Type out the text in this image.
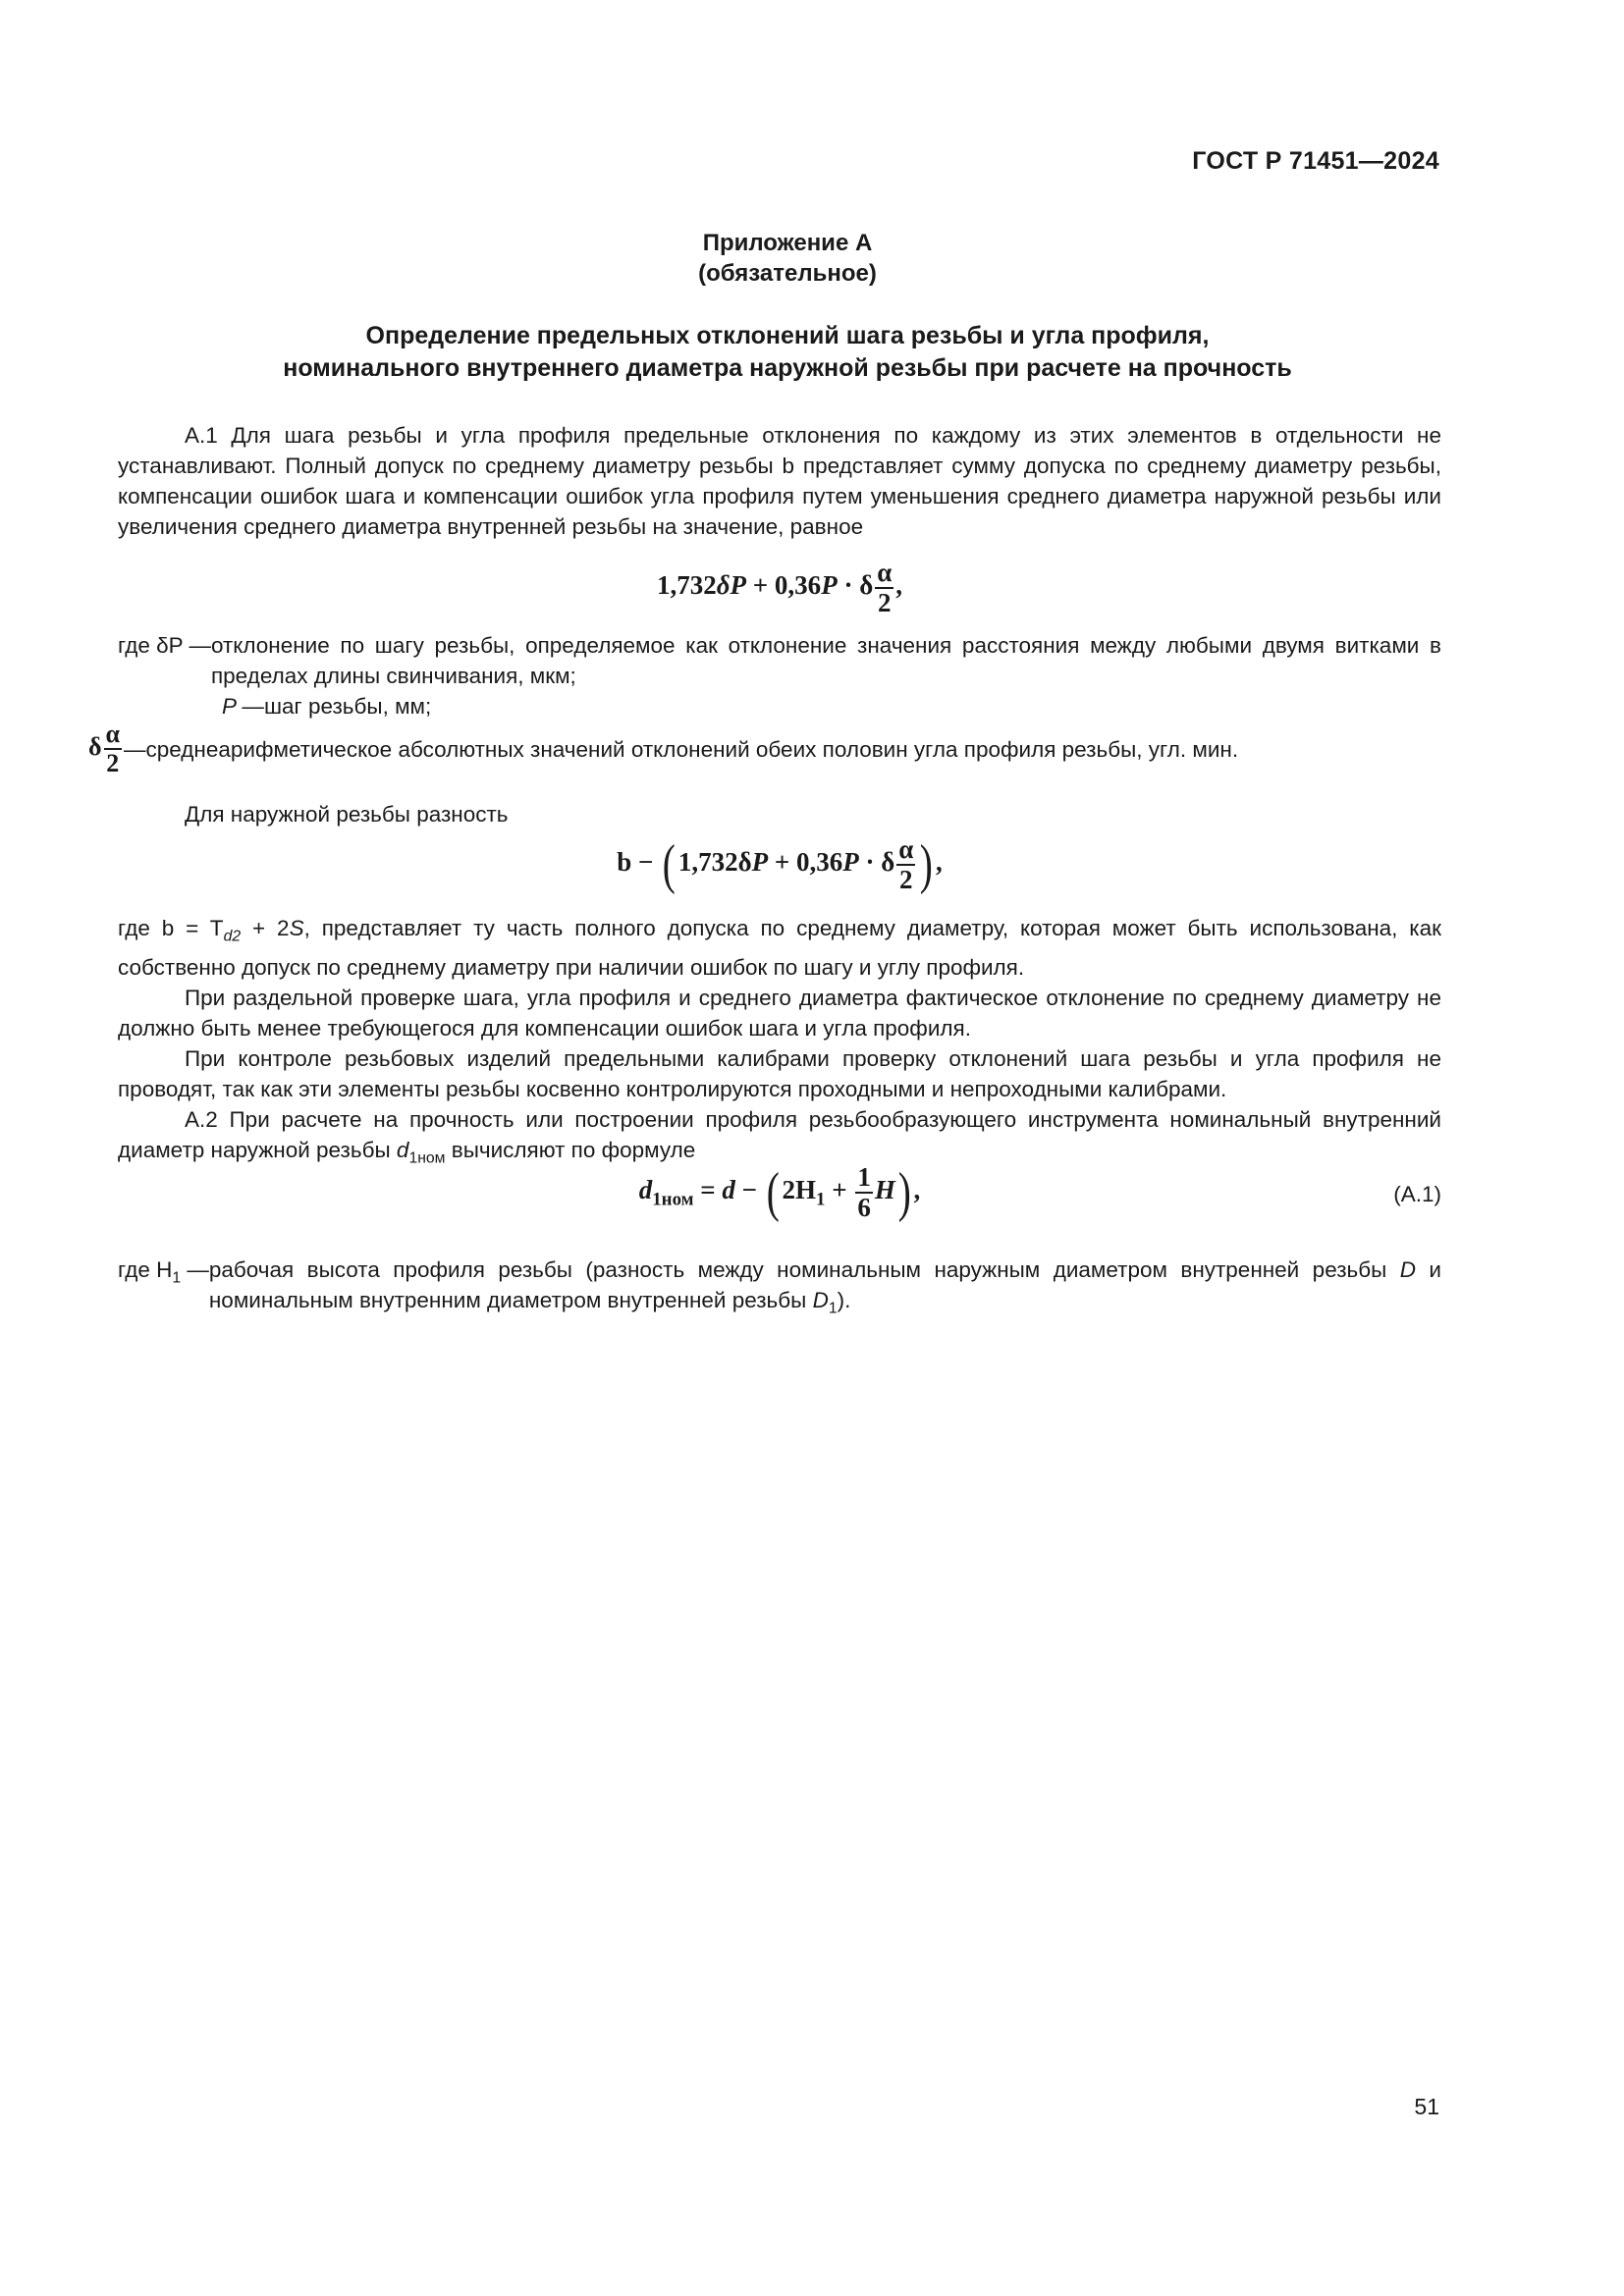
ГОСТ Р 71451—2024
Приложение А
(обязательное)
Определение предельных отклонений шага резьбы и угла профиля,
номинального внутреннего диаметра наружной резьбы при расчете на прочность

А.1 Для шага резьбы и угла профиля предельные отклонения по каждому из этих элементов в отдельности не устанавливают. Полный допуск по среднему диаметру резьбы b представляет сумму допуска по среднему диаметру резьбы, компенсации ошибок шага и компенсации ошибок угла профиля путем уменьшения среднего диаметра наружной резьбы или увеличения среднего диаметра внутренней резьбы на значение, равное

1,732δP + 0,36P · δ $\frac{\alpha}{2}$ ,
где δP — отклонение по шагу резьбы, определяемое как отклонение значения расстояния между любыми двумя витками в пределах длины свинчивания, мкм;
P — шаг резьбы, мм;
δ $\frac{\alpha}{2}$ — среднеарифметическое абсолютных значений отклонений обеих половин угла профиля резьбы, угл. мин.

Для наружной резьбы разность

b − ( 1,732δP + 0,36P · δ $\frac{\alpha}{2}$ ) ,

где $b = T_{d2} + 2S$, представляет ту часть полного допуска по среднему диаметру, которая может быть использована, как собственно допуск по среднему диаметру при наличии ошибок по шагу и углу профиля.

При раздельной проверке шага, угла профиля и среднего диаметра фактическое отклонение по среднему диаметру не должно быть менее требующегося для компенсации ошибок шага и угла профиля.

При контроле резьбовых изделий предельными калибрами проверку отклонений шага резьбы и угла профиля не проводят, так как эти элементы резьбы косвенно контролируются проходными и непроходными калибрами.

А.2 При расчете на прочность или построении профиля резьбообразующего инструмента номинальный внутренний диаметр наружной резьбы $d_{1ном}$ вычисляют по формуле

$d_{1ном} = d$ − ( $2H_1 + \frac{1}{6} H$) ,	(А.1)
где $H_1$ — рабочая высота профиля резьбы (разность между номинальным наружным диаметром внутренней резьбы D и номинальным внутренним диаметром внутренней резьбы $D_1$).
51
